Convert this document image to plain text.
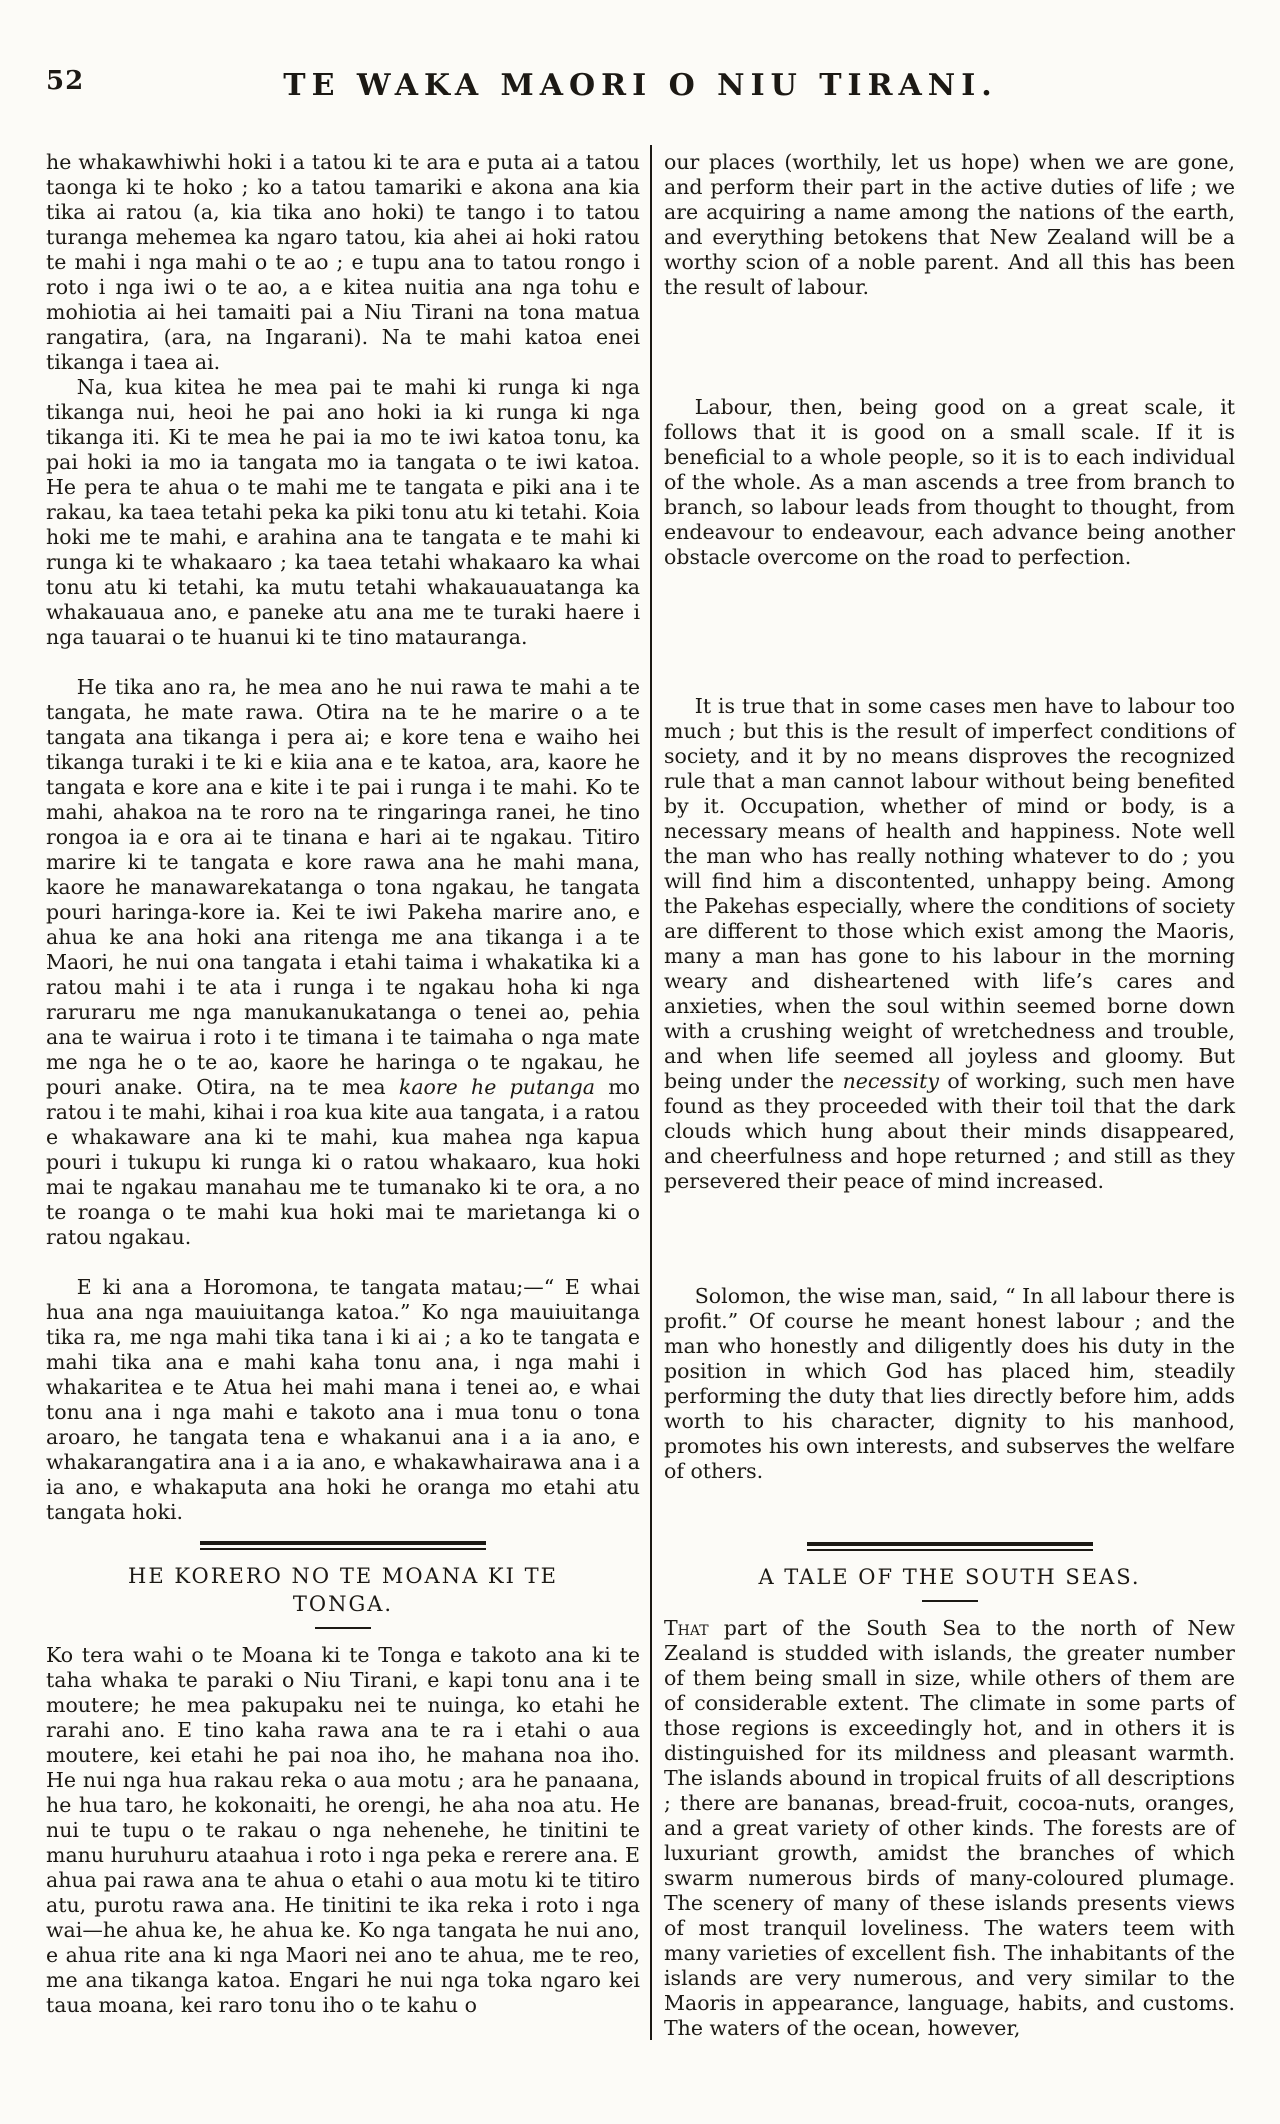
52	TE WAKA MAORI O NIU TIRANI.

he whakawhiwhi hoki i a tatou ki te ara e puta ai a tatou taonga ki te hoko ; ko a tatou tamariki e akona ana kia tika ai ratou (a, kia tika ano hoki) te tango i to tatou turanga mehemea ka ngaro tatou, kia ahei ai hoki ratou te mahi i nga mahi o te ao ; e tupu ana to tatou rongo i roto i nga iwi o te ao, a e kitea nuitia ana nga tohu e mohiotia ai hei tamaiti pai a Niu Tirani na tona matua rangatira, (ara, na Ingarani). Na te mahi katoa enei tikanga i taea ai.

Na, kua kitea he mea pai te mahi ki runga ki nga tikanga nui, heoi he pai ano hoki ia ki runga ki nga tikanga iti. Ki te mea he pai ia mo te iwi katoa tonu, ka pai hoki ia mo ia tangata mo ia tangata o te iwi katoa. He pera te ahua o te mahi me te tangata e piki ana i te rakau, ka taea tetahi peka ka piki tonu atu ki tetahi. Koia hoki me te mahi, e arahina ana te tangata e te mahi ki runga ki te whakaaro ; ka taea tetahi whakaaro ka whai tonu atu ki tetahi, ka mutu tetahi whakauauatanga ka whakauaua ano, e paneke atu ana me te turaki haere i nga tauarai o te huanui ki te tino matauranga.

He tika ano ra, he mea ano he nui rawa te mahi a te tangata, he mate rawa. Otira na te he marire o a te tangata ana tikanga i pera ai; e kore tena e waiho hei tikanga turaki i te ki e kiia ana e te katoa, ara, kaore he tangata e kore ana e kite i te pai i runga i te mahi. Ko te mahi, ahakoa na te roro na te ringaringa ranei, he tino rongoa ia e ora ai te tinana e hari ai te ngakau. Titiro marire ki te tangata e kore rawa ana he mahi mana, kaore he manawarekatanga o tona ngakau, he tangata pouri haringa-kore ia. Kei te iwi Pakeha marire ano, e ahua ke ana hoki ana ritenga me ana tikanga i a te Maori, he nui ona tangata i etahi taima i whakatika ki a ratou mahi i te ata i runga i te ngakau hoha ki nga raruraru me nga manukanukatanga o tenei ao, pehia ana te wairua i roto i te timana i te taimaha o nga mate me nga he o te ao, kaore he haringa o te ngakau, he pouri anake. Otira, na te mea kaore he putanga mo ratou i te mahi, kihai i roa kua kite aua tangata, i a ratou e whakaware ana ki te mahi, kua mahea nga kapua pouri i tukupu ki runga ki o ratou whakaaro, kua hoki mai te ngakau manahau me te tumanako ki te ora, a no te roanga o te mahi kua hoki mai te marietanga ki o ratou ngakau.

E ki ana a Horomona, te tangata matau;—“ E whai hua ana nga mauiuitanga katoa.” Ko nga mauiuitanga tika ra, me nga mahi tika tana i ki ai ; a ko te tangata e mahi tika ana e mahi kaha tonu ana, i nga mahi i whakaritea e te Atua hei mahi mana i tenei ao, e whai tonu ana i nga mahi e takoto ana i mua tonu o tona aroaro, he tangata tena e whakanui ana i a ia ano, e whakarangatira ana i a ia ano, e whakawhairawa ana i a ia ano, e whakaputa ana hoki he oranga mo etahi atu tangata hoki.

HE KORERO NO TE MOANA KI TE
TONGA.

Ko tera wahi o te Moana ki te Tonga e takoto ana ki te taha whaka te paraki o Niu Tirani, e kapi tonu ana i te moutere; he mea pakupaku nei te nuinga, ko etahi he rarahi ano. E tino kaha rawa ana te ra i etahi o aua moutere, kei etahi he pai noa iho, he mahana noa iho. He nui nga hua rakau reka o aua motu ; ara he panaana, he hua taro, he kokonaiti, he orengi, he aha noa atu. He nui te tupu o te rakau o nga nehenehe, he tinitini te manu huruhuru ataahua i roto i nga peka e rerere ana. E ahua pai rawa ana te ahua o etahi o aua motu ki te titiro atu, purotu rawa ana. He tinitini te ika reka i roto i nga wai—he ahua ke, he ahua ke. Ko nga tangata he nui ano, e ahua rite ana ki nga Maori nei ano te ahua, me te reo, me ana tikanga katoa. Engari he nui nga toka ngaro kei taua moana, kei raro tonu iho o te kahu o

our places (worthily, let us hope) when we are gone, and perform their part in the active duties of life ; we are acquiring a name among the nations of the earth, and everything betokens that New Zealand will be a worthy scion of a noble parent. And all this has been the result of labour.

Labour, then, being good on a great scale, it follows that it is good on a small scale. If it is beneficial to a whole people, so it is to each individual of the whole. As a man ascends a tree from branch to branch, so labour leads from thought to thought, from endeavour to endeavour, each advance being another obstacle overcome on the road to perfection.

It is true that in some cases men have to labour too much ; but this is the result of imperfect conditions of society, and it by no means disproves the recognized rule that a man cannot labour without being benefited by it. Occupation, whether of mind or body, is a necessary means of health and happiness. Note well the man who has really nothing whatever to do ; you will find him a discontented, unhappy being. Among the Pakehas especially, where the conditions of society are different to those which exist among the Maoris, many a man has gone to his labour in the morning weary and disheartened with life’s cares and anxieties, when the soul within seemed borne down with a crushing weight of wretchedness and trouble, and when life seemed all joyless and gloomy. But being under the necessity of working, such men have found as they proceeded with their toil that the dark clouds which hung about their minds disappeared, and cheerfulness and hope returned ; and still as they persevered their peace of mind increased.

Solomon, the wise man, said, “ In all labour there is profit.” Of course he meant honest labour ; and the man who honestly and diligently does his duty in the position in which God has placed him, steadily performing the duty that lies directly before him, adds worth to his character, dignity to his manhood, promotes his own interests, and subserves the welfare of others.

A TALE OF THE SOUTH SEAS.

That part of the South Sea to the north of New Zealand is studded with islands, the greater number of them being small in size, while others of them are of considerable extent. The climate in some parts of those regions is exceedingly hot, and in others it is distinguished for its mildness and pleasant warmth. The islands abound in tropical fruits of all descriptions ; there are bananas, bread-fruit, cocoa-nuts, oranges, and a great variety of other kinds. The forests are of luxuriant growth, amidst the branches of which swarm numerous birds of many-coloured plumage. The scenery of many of these islands presents views of most tranquil loveliness. The waters teem with many varieties of excellent fish. The inhabitants of the islands are very numerous, and very similar to the Maoris in appearance, language, habits, and customs. The waters of the ocean, however,
